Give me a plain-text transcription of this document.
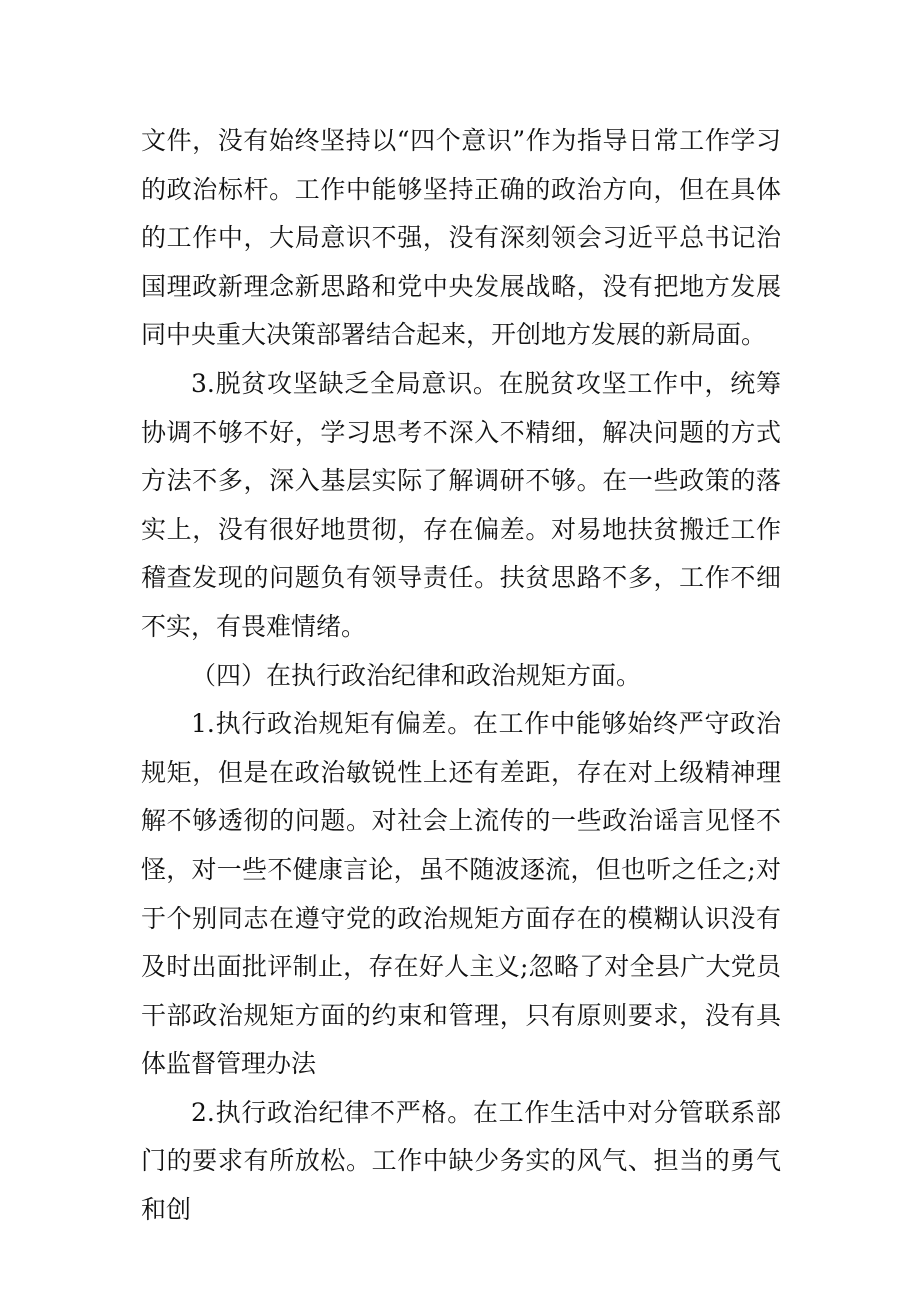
文件，没有始终坚持以“四个意识”作为指导日常工作学习的政治标杆。工作中能够坚持正确的政治方向，但在具体的工作中，大局意识不强，没有深刻领会习近平总书记治国理政新理念新思路和党中央发展战略，没有把地方发展同中央重大决策部署结合起来，开创地方发展的新局面。

3.脱贫攻坚缺乏全局意识。在脱贫攻坚工作中，统筹协调不够不好，学习思考不深入不精细，解决问题的方式方法不多，深入基层实际了解调研不够。在一些政策的落实上，没有很好地贯彻，存在偏差。对易地扶贫搬迁工作稽查发现的问题负有领导责任。扶贫思路不多，工作不细不实，有畏难情绪。

（四）在执行政治纪律和政治规矩方面。

1.执行政治规矩有偏差。在工作中能够始终严守政治规矩，但是在政治敏锐性上还有差距，存在对上级精神理解不够透彻的问题。对社会上流传的一些政治谣言见怪不怪，对一些不健康言论，虽不随波逐流，但也听之任之;对于个别同志在遵守党的政治规矩方面存在的模糊认识没有及时出面批评制止，存在好人主义;忽略了对全县广大党员干部政治规矩方面的约束和管理，只有原则要求，没有具体监督管理办法

2.执行政治纪律不严格。在工作生活中对分管联系部门的要求有所放松。工作中缺少务实的风气、担当的勇气和创
